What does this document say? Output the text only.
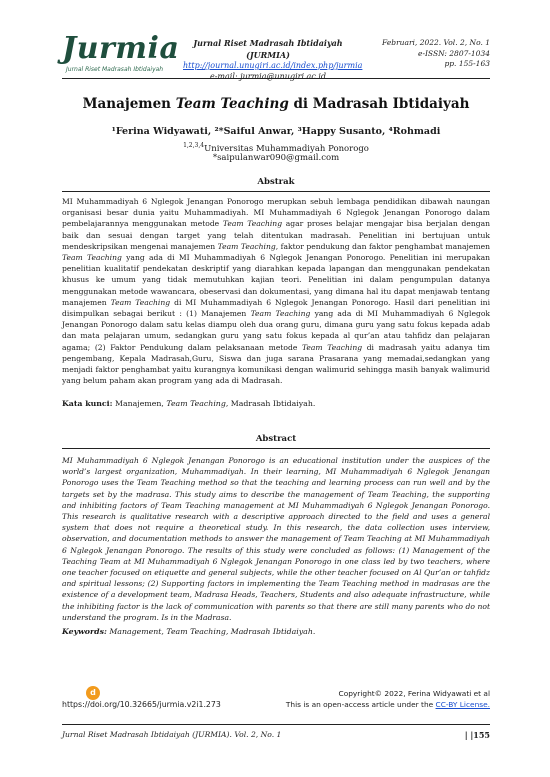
Jurmia
Jurnal Riset Madrasah Ibtidaiyah
Jurnal Riset Madrasah Ibtidaiyah (JURMIA)
http://journal.unugiri.ac.id/index.php/jurmia
e-mail: jurmia@unugiri.ac.id
Februari, 2022. Vol. 2, No. 1
e-ISSN: 2807-1034
pp. 155-163
Manajemen Team Teaching di Madrasah Ibtidaiyah
¹Ferina Widyawati, ²*Saiful Anwar, ³Happy Susanto, ⁴Rohmadi
$^{1,2,3,4}$Universitas Muhammadiyah Ponorogo
*saipulanwar090@gmail.com
Abstrak
MI Muhammadiyah 6 Nglegok Jenangan Ponorogo merupkan sebuh lembaga pendidikan dibawah naungan organisasi besar dunia yaitu Muhammadiyah. MI Muhammadiyah 6 Nglegok Jenangan Ponorogo dalam pembelajarannya menggunakan metode Team Teaching agar proses belajar mengajar bisa berjalan dengan baik dan sesuai dengan target yang telah ditentukan madrasah. Penelitian ini bertujuan untuk mendeskripsikan mengenai manajemen Team Teaching, faktor pendukung dan faktor penghambat manajemen Team Teaching yang ada di MI Muhammadiyah 6 Nglegok Jenangan Ponorogo. Penelitian ini merupakan penelitian kualitatif pendekatan deskriptif yang diarahkan kepada lapangan dan menggunakan pendekatan khusus ke umum yang tidak memutuhkan kajian teori. Penelitian ini dalam pengumpulan datanya menggunakan metode wawancara, obeservasi dan dokumentasi, yang dimana hal itu dapat menjawab tentang manajemen Team Teaching di MI Muhammadiyah 6 Nglegok Jenangan Ponorogo. Hasil dari penelitian ini disimpulkan sebagai berikut : (1) Manajemen Team Teaching yang ada di MI Muhammadiyah 6 Nglegok Jenangan Ponorogo dalam satu kelas diampu oleh dua orang guru, dimana guru yang satu fokus kepada adab dan mata pelajaran umum, sedangkan guru yang satu fokus kepada al qur’an atau tahfidz dan pelajaran agama; (2) Faktor Pendukung dalam pelaksanaan metode Team Teaching di madrasah yaitu adanya tim pengembang, Kepala Madrasah,Guru, Siswa dan juga sarana Prasarana yang memadai,sedangkan yang menjadi faktor penghambat yaitu kurangnya komunikasi dengan walimurid sehingga masih banyak walimurid yang belum paham akan program yang ada di Madrasah.
Kata kunci: Manajemen, Team Teaching, Madrasah Ibtidaiyah.
Abstract
MI Muhammadiyah 6 Nglegok Jenangan Ponorogo is an educational institution under the auspices of the world’s largest organization, Muhammadiyah. In their learning, MI Muhammadiyah 6 Nglegok Jenangan Ponorogo uses the Team Teaching method so that the teaching and learning process can run well and by the targets set by the madrasa. This study aims to describe the management of Team Teaching, the supporting and inhibiting factors of Team Teaching management at MI Muhammadiyah 6 Nglegok Jenangan Ponorogo. This research is qualitative research with a descriptive approach directed to the field and uses a general system that does not require a theoretical study. In this research, the data collection uses interview, observation, and documentation methods to answer the management of Team Teaching at MI Muhammadiyah 6 Nglegok Jenangan Ponorogo. The results of this study were concluded as follows: (1) Management of the Teaching Team at MI Muhammadiyah 6 Nglegok Jenangan Ponorogo in one class led by two teachers, where one teacher focused on etiquette and general subjects, while the other teacher focused on Al Qur’an or tahfidz and spiritual lessons; (2) Supporting factors in implementing the Team Teaching method in madrasas are the existence of a development team, Madrasa Heads, Teachers, Students and also adequate infrastructure, while the inhibiting factor is the lack of communication with parents so that there are still many parents who do not understand the program. Is in the Madrasa.
Keywords: Management, Team Teaching, Madrasah Ibtidaiyah.
d
https://doi.org/10.32665/jurmia.v2i1.273
Copyright© 2022, Ferina Widyawati et al
This is an open-access article under the CC-BY License.
Jurnal Riset Madrasah Ibtidaiyah (JURMIA). Vol. 2, No. 1	| |155
